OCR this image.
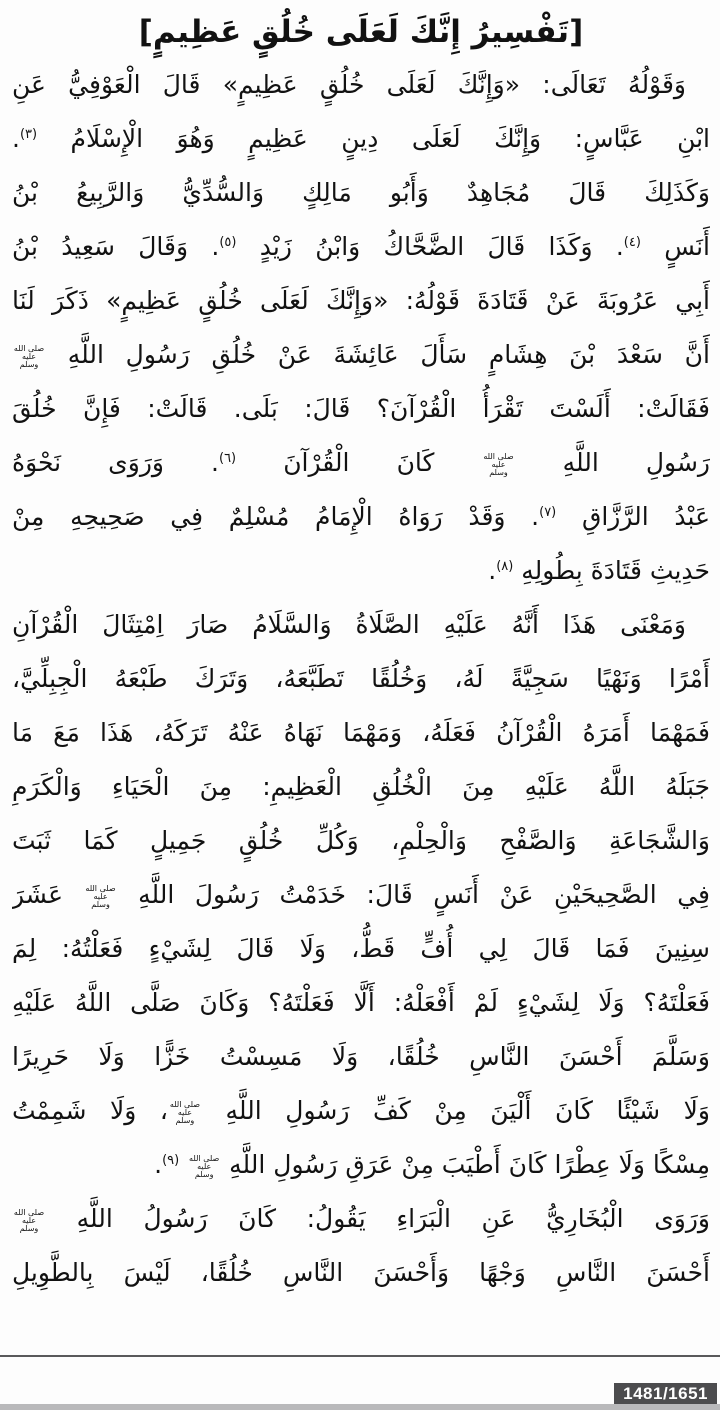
[تَفْسِيرُ إِنَّكَ لَعَلَى خُلُقٍ عَظِيمٍ]
وَقَوْلُهُ تَعَالَى: «وَإِنَّكَ لَعَلَى خُلُقٍ عَظِيمٍ» قَالَ الْعَوْفِيُّ عَنِ
ابْنِ عَبَّاسٍ: وَإِنَّكَ لَعَلَى دِينٍ عَظِيمٍ وَهُوَ الْإِسْلَامُ $^{(٣)}$.
وَكَذَلِكَ قَالَ مُجَاهِدٌ وَأَبُو مَالِكٍ وَالسُّدِّيُّ وَالرَّبِيعُ بْنُ
أَنَسٍ $^{(٤)}$. وَكَذَا قَالَ الضَّحَّاكُ وَابْنُ زَيْدٍ $^{(٥)}$. وَقَالَ سَعِيدُ بْنُ
أَبِي عَرُوبَةَ عَنْ قَتَادَةَ قَوْلُهُ: «وَإِنَّكَ لَعَلَى خُلُقٍ عَظِيمٍ» ذَكَرَ لَنَا
أَنَّ سَعْدَ بْنَ هِشَامٍ سَأَلَ عَائِشَةَ عَنْ خُلُقِ رَسُولِ اللَّهِ صلى الله
عليه
وسلم
فَقَالَتْ: أَلَسْتَ تَقْرَأُ الْقُرْآنَ؟ قَالَ: بَلَى. قَالَتْ: فَإِنَّ خُلُقَ
رَسُولِ اللَّهِ صلى الله
عليه
وسلم كَانَ الْقُرْآنَ $^{(٦)}$. وَرَوَى نَحْوَهُ
عَبْدُ الرَّزَّاقِ $^{(٧)}$. وَقَدْ رَوَاهُ الْإِمَامُ مُسْلِمٌ فِي صَحِيحِهِ مِنْ
حَدِيثِ قَتَادَةَ بِطُولِهِ $^{(٨)}$.
وَمَعْنَى هَذَا أَنَّهُ عَلَيْهِ الصَّلَاةُ وَالسَّلَامُ صَارَ اِمْتِثَالَ الْقُرْآنِ
أَمْرًا وَنَهْيًا سَجِيَّةً لَهُ، وَخُلُقًا تَطَبَّعَهُ، وَتَرَكَ طَبْعَهُ الْجِبِلِّيَّ،
فَمَهْمَا أَمَرَهُ الْقُرْآنُ فَعَلَهُ، وَمَهْمَا نَهَاهُ عَنْهُ تَرَكَهُ، هَذَا مَعَ مَا
جَبَلَهُ اللَّهُ عَلَيْهِ مِنَ الْخُلُقِ الْعَظِيمِ: مِنَ الْحَيَاءِ وَالْكَرَمِ
وَالشَّجَاعَةِ وَالصَّفْحِ وَالْحِلْمِ، وَكُلِّ خُلُقٍ جَمِيلٍ كَمَا ثَبَتَ
فِي الصَّحِيحَيْنِ عَنْ أَنَسٍ قَالَ: خَدَمْتُ رَسُولَ اللَّهِ صلى الله
عليه
وسلم عَشَرَ
سِنِينَ فَمَا قَالَ لِي أُفٍّ قَطُّ، وَلَا قَالَ لِشَيْءٍ فَعَلْتُهُ: لِمَ
فَعَلْتَهُ؟ وَلَا لِشَيْءٍ لَمْ أَفْعَلْهُ: أَلَّا فَعَلْتَهُ؟ وَكَانَ صَلَّى اللَّهُ عَلَيْهِ
وَسَلَّمَ أَحْسَنَ النَّاسِ خُلُقًا، وَلَا مَسِسْتُ خَزًّا وَلَا حَرِيرًا
وَلَا شَيْئًا كَانَ أَلْيَنَ مِنْ كَفِّ رَسُولِ اللَّهِ صلى الله
عليه
وسلم، وَلَا شَمِمْتُ
مِسْكًا وَلَا عِطْرًا كَانَ أَطْيَبَ مِنْ عَرَقِ رَسُولِ اللَّهِ صلى الله
عليه
وسلم $^{(٩)}$.
وَرَوَى الْبُخَارِيُّ عَنِ الْبَرَاءِ يَقُولُ: كَانَ رَسُولُ اللَّهِ صلى الله
عليه
وسلم
أَحْسَنَ النَّاسِ وَجْهًا وَأَحْسَنَ النَّاسِ خُلُقًا، لَيْسَ بِالطَّوِيلِ
1481/1651
